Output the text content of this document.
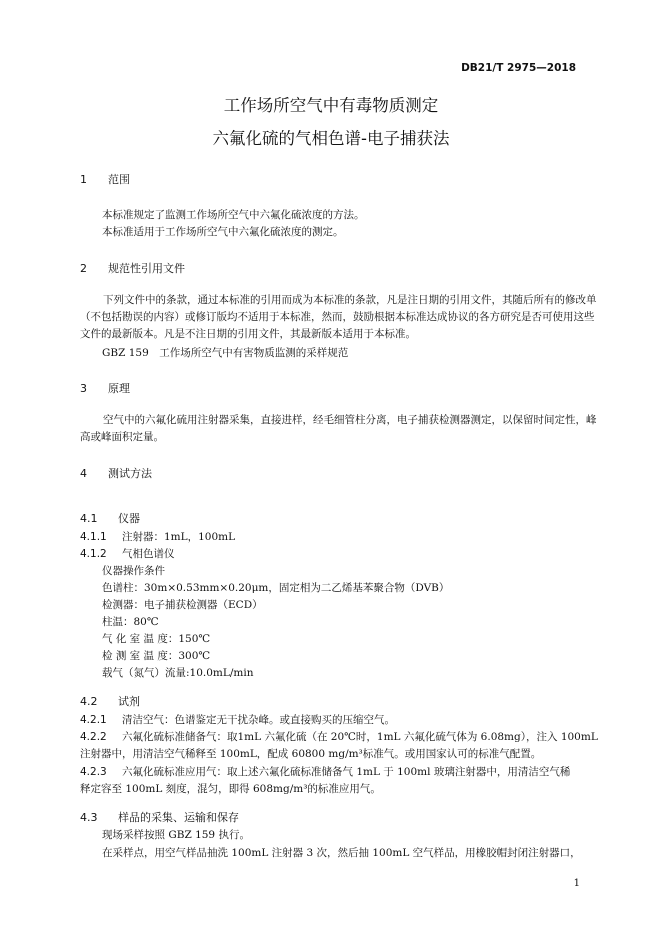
DB21/T 2975—2018
工作场所空气中有毒物质测定
六氟化硫的气相色谱-电子捕获法
1 范围
本标准规定了监测工作场所空气中六氟化硫浓度的方法。
本标准适用于工作场所空气中六氟化硫浓度的测定。
2 规范性引用文件
下列文件中的条款，通过本标准的引用而成为本标准的条款，凡是注日期的引用文件，其随后所有的修改单（不包括勘误的内容）或修订版均不适用于本标准，然而，鼓励根据本标准达成协议的各方研究是否可使用这些文件的最新版本。凡是不注日期的引用文件，其最新版本适用于本标准。
GBZ 159　工作场所空气中有害物质监测的采样规范
3 原理
空气中的六氟化硫用注射器采集，直接进样，经毛细管柱分离，电子捕获检测器测定，以保留时间定性，峰高或峰面积定量。
4 测试方法
4.1 仪器
4.1.1 注射器：1mL，100mL
4.1.2 气相色谱仪
仪器操作条件
色谱柱：30m×0.53mm×0.20μm，固定相为二乙烯基苯聚合物（DVB）
检测器：电子捕获检测器（ECD）
柱温：80℃
气 化 室 温 度：150℃
检 测 室 温 度：300℃
载气（氮气）流量:10.0mL/min
4.2 试剂
4.2.1 清洁空气：色谱鉴定无干扰杂峰。或直接购买的压缩空气。
4.2.2 六氟化硫标准储备气：取1mL 六氟化硫（在 20℃时，1mL 六氟化硫气体为 6.08mg），注入 100mL
注射器中，用清洁空气稀释至 100mL，配成 60800 mg/m³标准气。或用国家认可的标准气配置。
4.2.3 六氟化硫标准应用气：取上述六氟化硫标准储备气 1mL 于 100ml 玻璃注射器中，用清洁空气稀
释定容至 100mL 刻度，混匀，即得 608mg/m³的标准应用气。
4.3 样品的采集、运输和保存
现场采样按照 GBZ 159 执行。
在采样点，用空气样品抽洗 100mL 注射器 3 次，然后抽 100mL 空气样品，用橡胶帽封闭注射器口，
1
